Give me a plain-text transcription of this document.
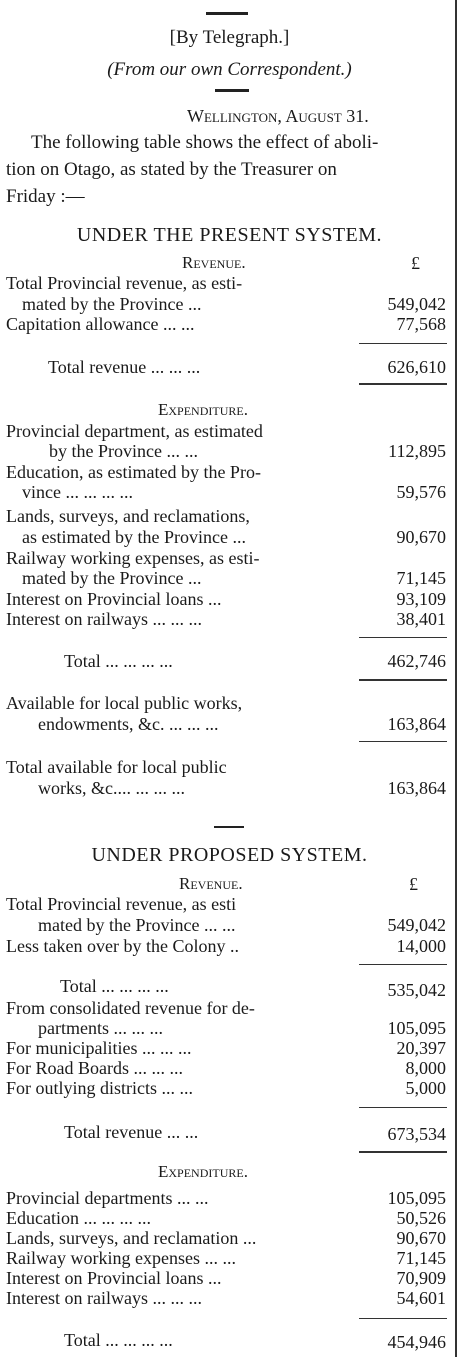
[By Telegraph.]
(From our own Correspondent.)
Wellington, August 31.
The following table shows the effect of aboli-
tion on Otago, as stated by the Treasurer on
Friday :—
UNDER THE PRESENT SYSTEM.
Revenue.	£
Total Provincial revenue, as esti-
mated by the Province ...	549,042
Capitation allowance ... ...	77,568
Total revenue ... ... ...	626,610
Expenditure.
Provincial department, as estimated
by the Province ... ...	112,895
Education, as estimated by the Pro-
vince ... ... ... ...	59,576
Lands, surveys, and reclamations,
as estimated by the Province ...	90,670
Railway working expenses, as esti-
mated by the Province ...	71,145
Interest on Provincial loans ...	93,109
Interest on railways ... ... ...	38,401
Total ... ... ... ...	462,746
Available for local public works,
endowments, &c. ... ... ...	163,864
Total available for local public
works, &c.... ... ... ...	163,864
UNDER PROPOSED SYSTEM.
Revenue.	£
Total Provincial revenue, as esti
mated by the Province ... ...	549,042
Less taken over by the Colony ..	14,000
Total ... ... ... ...	535,042
From consolidated revenue for de-
partments ... ... ...	105,095
For municipalities ... ... ...	20,397
For Road Boards ... ... ...	8,000
For outlying districts ... ...	5,000
Total revenue ... ...	673,534
Expenditure.
Provincial departments ... ...	105,095
Education ... ... ... ...	50,526
Lands, surveys, and reclamation ...	90,670
Railway working expenses ... ...	71,145
Interest on Provincial loans ...	70,909
Interest on railways ... ... ...	54,601
Total ... ... ... ...	454,946
